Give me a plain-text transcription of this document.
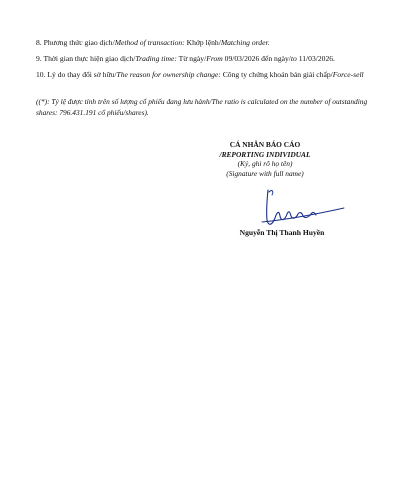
8. Phương thức giao dịch/Method of transaction: Khớp lệnh/Matching order.
9. Thời gian thực hiện giao dịch/Trading time: Từ ngày/From 09/03/2026 đến ngày/to 11/03/2026.
10. Lý do thay đổi sở hữu/The reason for ownership change: Công ty chứng khoán bán giải chấp/Force-sell
((*): Tỷ lệ được tính trên số lượng cổ phiếu đang lưu hành/The ratio is calculated on the number of outstanding shares: 796.431.191 cổ phiếu/shares).
CÁ NHÂN BÁO CÁO
/REPORTING INDIVIDUAL
(Ký, ghi rõ họ tên)
(Signature with full name)
Nguyễn Thị Thanh Huyền
